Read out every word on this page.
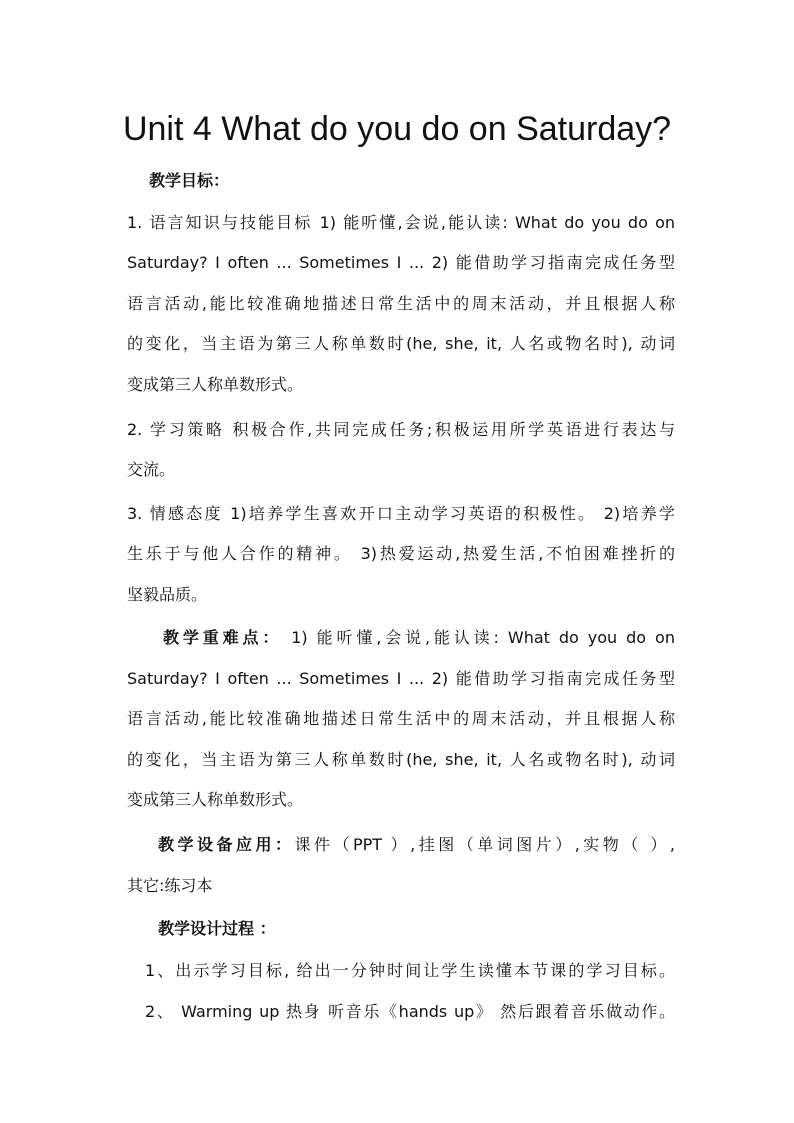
Unit 4 What do you do on Saturday?
教学目标：
1. 语言知识与技能目标 1) 能听懂,会说,能认读: What do you do on
Saturday? I often ... Sometimes I ... 2) 能借助学习指南完成任务型
语言活动,能比较准确地描述日常生活中的周末活动，并且根据人称
的变化，当主语为第三人称单数时(he, she, it, 人名或物名时), 动词
变成第三人称单数形式。
2. 学习策略 积极合作,共同完成任务;积极运用所学英语进行表达与
交流。
3. 情感态度 1)培养学生喜欢开口主动学习英语的积极性。 2)培养学
生乐于与他人合作的精神。 3)热爱运动,热爱生活,不怕困难挫折的
坚毅品质。
教学重难点： 1) 能听懂,会说,能认读: What do you do on
Saturday? I often ... Sometimes I ... 2) 能借助学习指南完成任务型
语言活动,能比较准确地描述日常生活中的周末活动，并且根据人称
的变化，当主语为第三人称单数时(he, she, it, 人名或物名时), 动词
变成第三人称单数形式。
教学设备应用：课件（PPT ）,挂图（单词图片）,实物（ ）,
其它:练习本
教学设计过程 ：
1、出示学习目标, 给出一分钟时间让学生读懂本节课的学习目标。
2、 Warming up 热身 听音乐《hands up》 然后跟着音乐做动作。
